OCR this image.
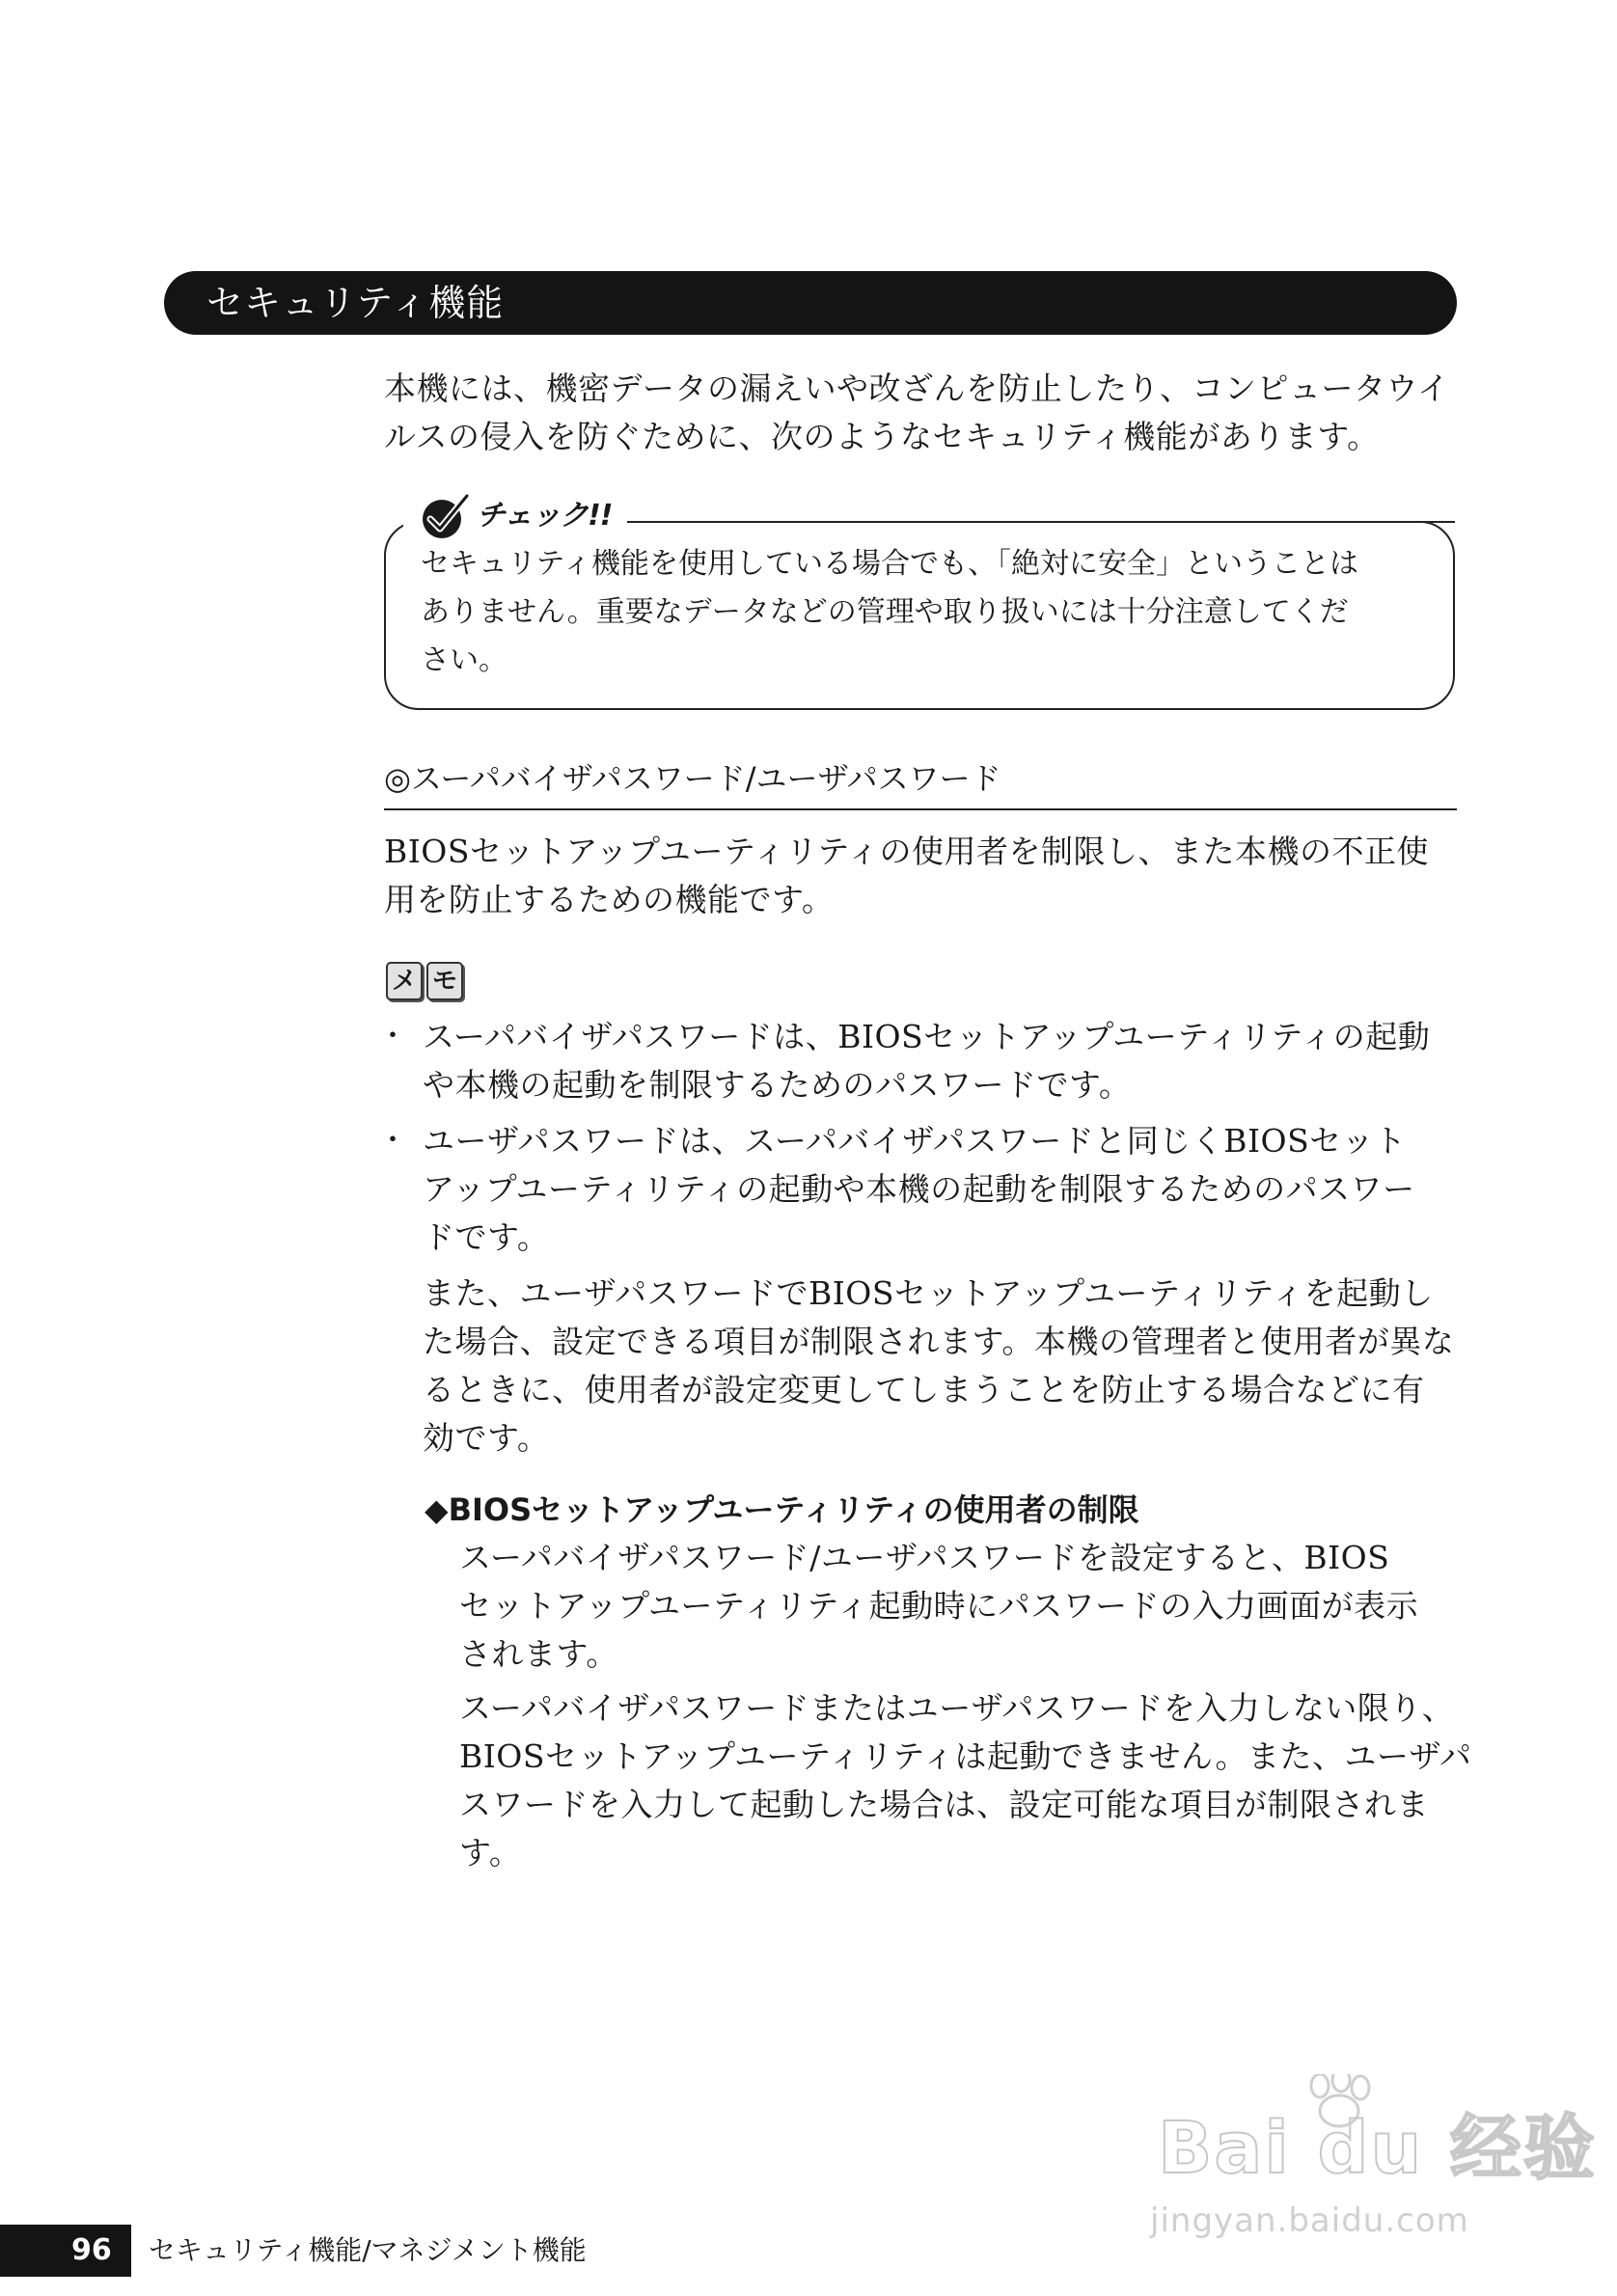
セキュリティ機能
本機には、機密データの漏えいや改ざんを防止したり、コンピュータウイ
ルスの侵入を防ぐために、次のようなセキュリティ機能があります。
チェック!!
セキュリティ機能を使用している場合でも、「絶対に安全」ということは
ありません。重要なデータなどの管理や取り扱いには十分注意してくだ
さい。
◎スーパバイザパスワード/ユーザパスワード
BIOSセットアップユーティリティの使用者を制限し、また本機の不正使
用を防止するための機能です。
メ モ
・ スーパバイザパスワードは、BIOSセットアップユーティリティの起動
や本機の起動を制限するためのパスワードです。
・ ユーザパスワードは、スーパバイザパスワードと同じくBIOSセット
アップユーティリティの起動や本機の起動を制限するためのパスワー
ドです。
また、ユーザパスワードでBIOSセットアップユーティリティを起動し
た場合、設定できる項目が制限されます。本機の管理者と使用者が異な
るときに、使用者が設定変更してしまうことを防止する場合などに有
効です。
◆BIOSセットアップユーティリティの使用者の制限
スーパバイザパスワード/ユーザパスワードを設定すると、BIOS
セットアップユーティリティ起動時にパスワードの入力画面が表示
されます。
スーパバイザパスワードまたはユーザパスワードを入力しない限り、
BIOSセットアップユーティリティは起動できません。また、ユーザパ
スワードを入力して起動した場合は、設定可能な項目が制限されま
す。
Bai du 经验
jingyan.baidu.com
96 セキュリティ機能/マネジメント機能
